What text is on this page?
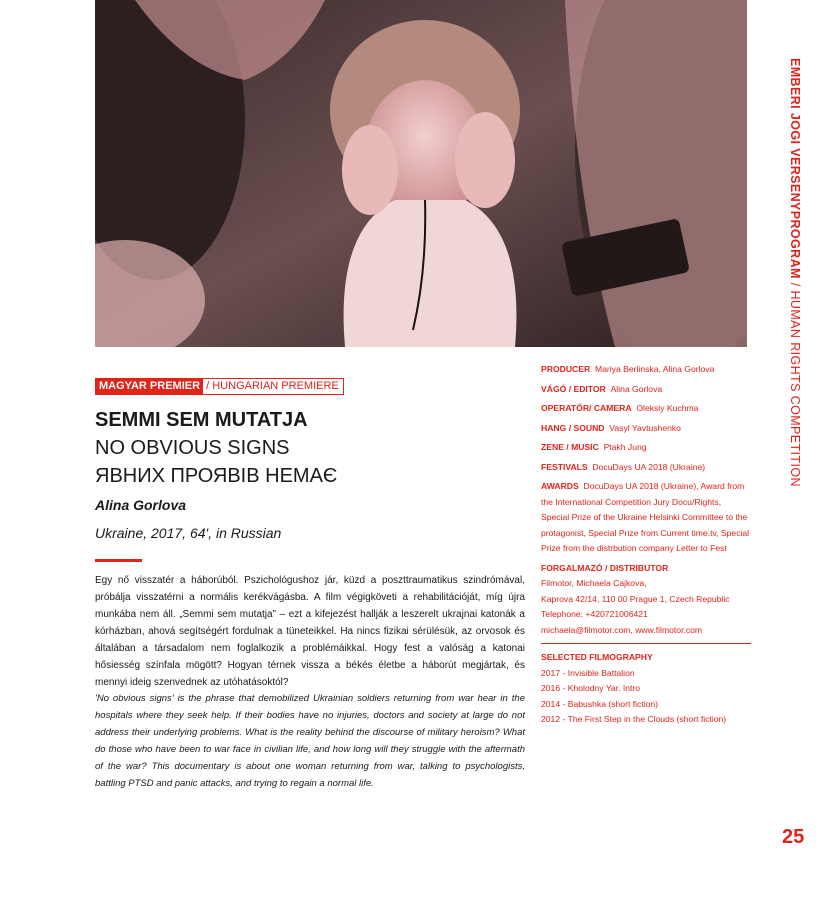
EMBERI JOGI VERSENYPROGRAM / HUMAN RIGHTS COMPETITION
MAGYAR PREMIER / HUNGARIAN PREMIERE
SEMMI SEM MUTATJA
NO OBVIOUS SIGNS
ЯВНИХ ПРОЯВІВ НЕМАЄ
Alina Gorlova
Ukraine, 2017, 64', in Russian
Egy nő visszatér a háborúból. Pszichológushoz jár, küzd a poszttraumatikus szindrómával, próbálja visszatérni a normális kerékvágásba. A film végigköveti a rehabilitációját, míg újra munkába nem áll. „Semmi sem mutatja” – ezt a kifejezést hallják a leszerelt ukrajnai katonák a kórházban, ahová segítségért fordulnak a tüneteikkel. Ha nincs fizikai sérülésük, az orvosok és általában a társadalom nem foglalkozik a problémáikkal. Hogy fest a valóság a katonai hősiesség színfala mögött? Hogyan térnek vissza a békés életbe a háborút megjártak, és mennyi ideig szenvednek az utóhatásoktól?
'No obvious signs' is the phrase that demobilized Ukrainian soldiers returning from war hear in the hospitals where they seek help. If their bodies have no injuries, doctors and society at large do not address their underlying problems. What is the reality behind the discourse of military heroism? What do those who have been to war face in civilian life, and how long will they struggle with the aftermath of the war? This documentary is about one woman returning from war, talking to psychologists, battling PTSD and panic attacks, and trying to regain a normal life.
PRODUCER Mariya Berlinska, Alina Gorlova
VÁGÓ / EDITOR Alina Gorlova
OPERATŐR/ CAMERA Oleksiy Kuchma
HANG / SOUND Vasyl Yavtushenko
ZENE / MUSIC Ptakh Jung
FESTIVALS DocuDays UA 2018 (Ukraine)
AWARDS DocuDays UA 2018 (Ukraine), Award from the International Competition Jury Docu/Rights, Special Prize of the Ukraine Helsinki Committee to the protagonist, Special Prize from Current time.tv, Special Prize from the distrbution company Letter to Fest
FORGALMAZÓ / DISTRIBUTOR
Filmotor, Michaela Cajkova,
Kaprova 42/14, 110 00 Prague 1, Czech Republic
Telephone: +420721006421
michaela@filmotor.com, www.filmotor.com
SELECTED FILMOGRAPHY
2017 - Invisible Battalion
2016 - Kholodny Yar. Intro
2014 - Babushka (short fiction)
2012 - The First Step in the Clouds (short fiction)
25
